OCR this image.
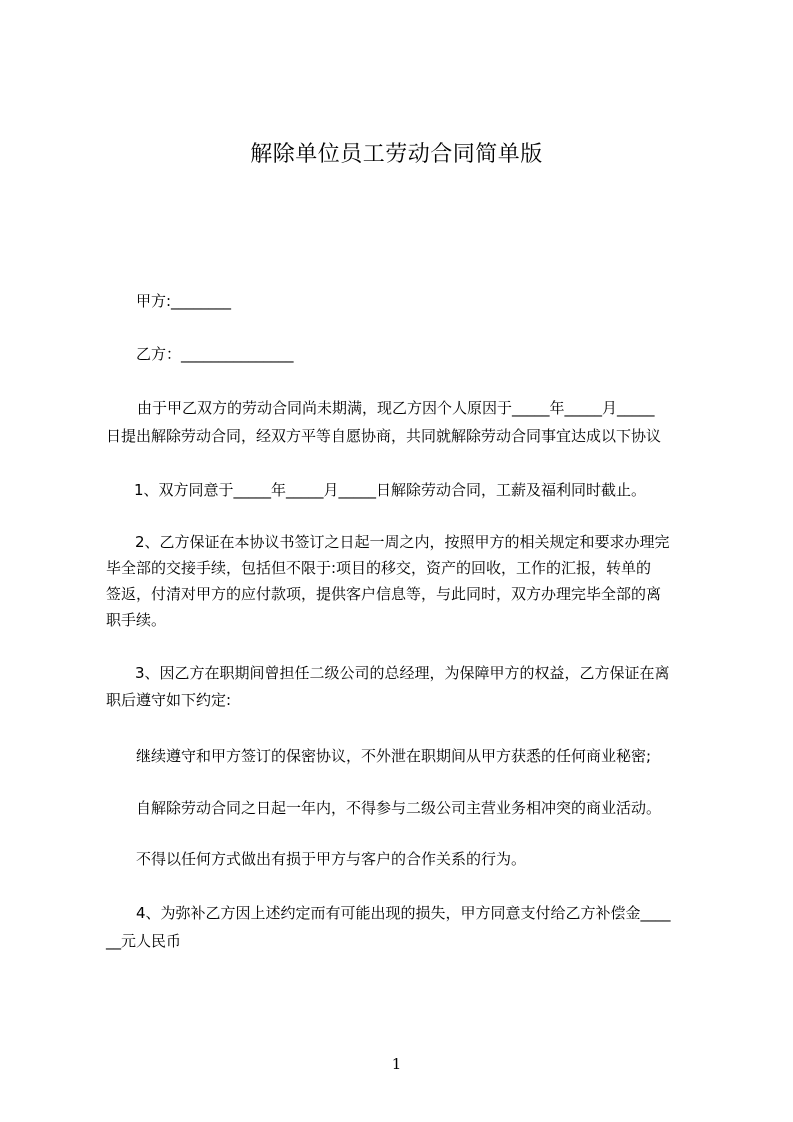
解除单位员工劳动合同简单版
甲方:________
乙方：_______________
由于甲乙双方的劳动合同尚未期满，现乙方因个人原因于_____年_____月_____
日提出解除劳动合同，经双方平等自愿协商，共同就解除劳动合同事宜达成以下协议
1、双方同意于_____年_____月_____日解除劳动合同，工薪及福利同时截止。
2、乙方保证在本协议书签订之日起一周之内，按照甲方的相关规定和要求办理完
毕全部的交接手续，包括但不限于:项目的移交，资产的回收，工作的汇报，转单的
签返，付清对甲方的应付款项，提供客户信息等，与此同时，双方办理完毕全部的离
职手续。
3、因乙方在职期间曾担任二级公司的总经理，为保障甲方的权益，乙方保证在离
职后遵守如下约定:
继续遵守和甲方签订的保密协议，不外泄在职期间从甲方获悉的任何商业秘密;
自解除劳动合同之日起一年内，不得参与二级公司主营业务相冲突的商业活动。
不得以任何方式做出有损于甲方与客户的合作关系的行为。
4、为弥补乙方因上述约定而有可能出现的损失，甲方同意支付给乙方补偿金____
__元人民币
1
